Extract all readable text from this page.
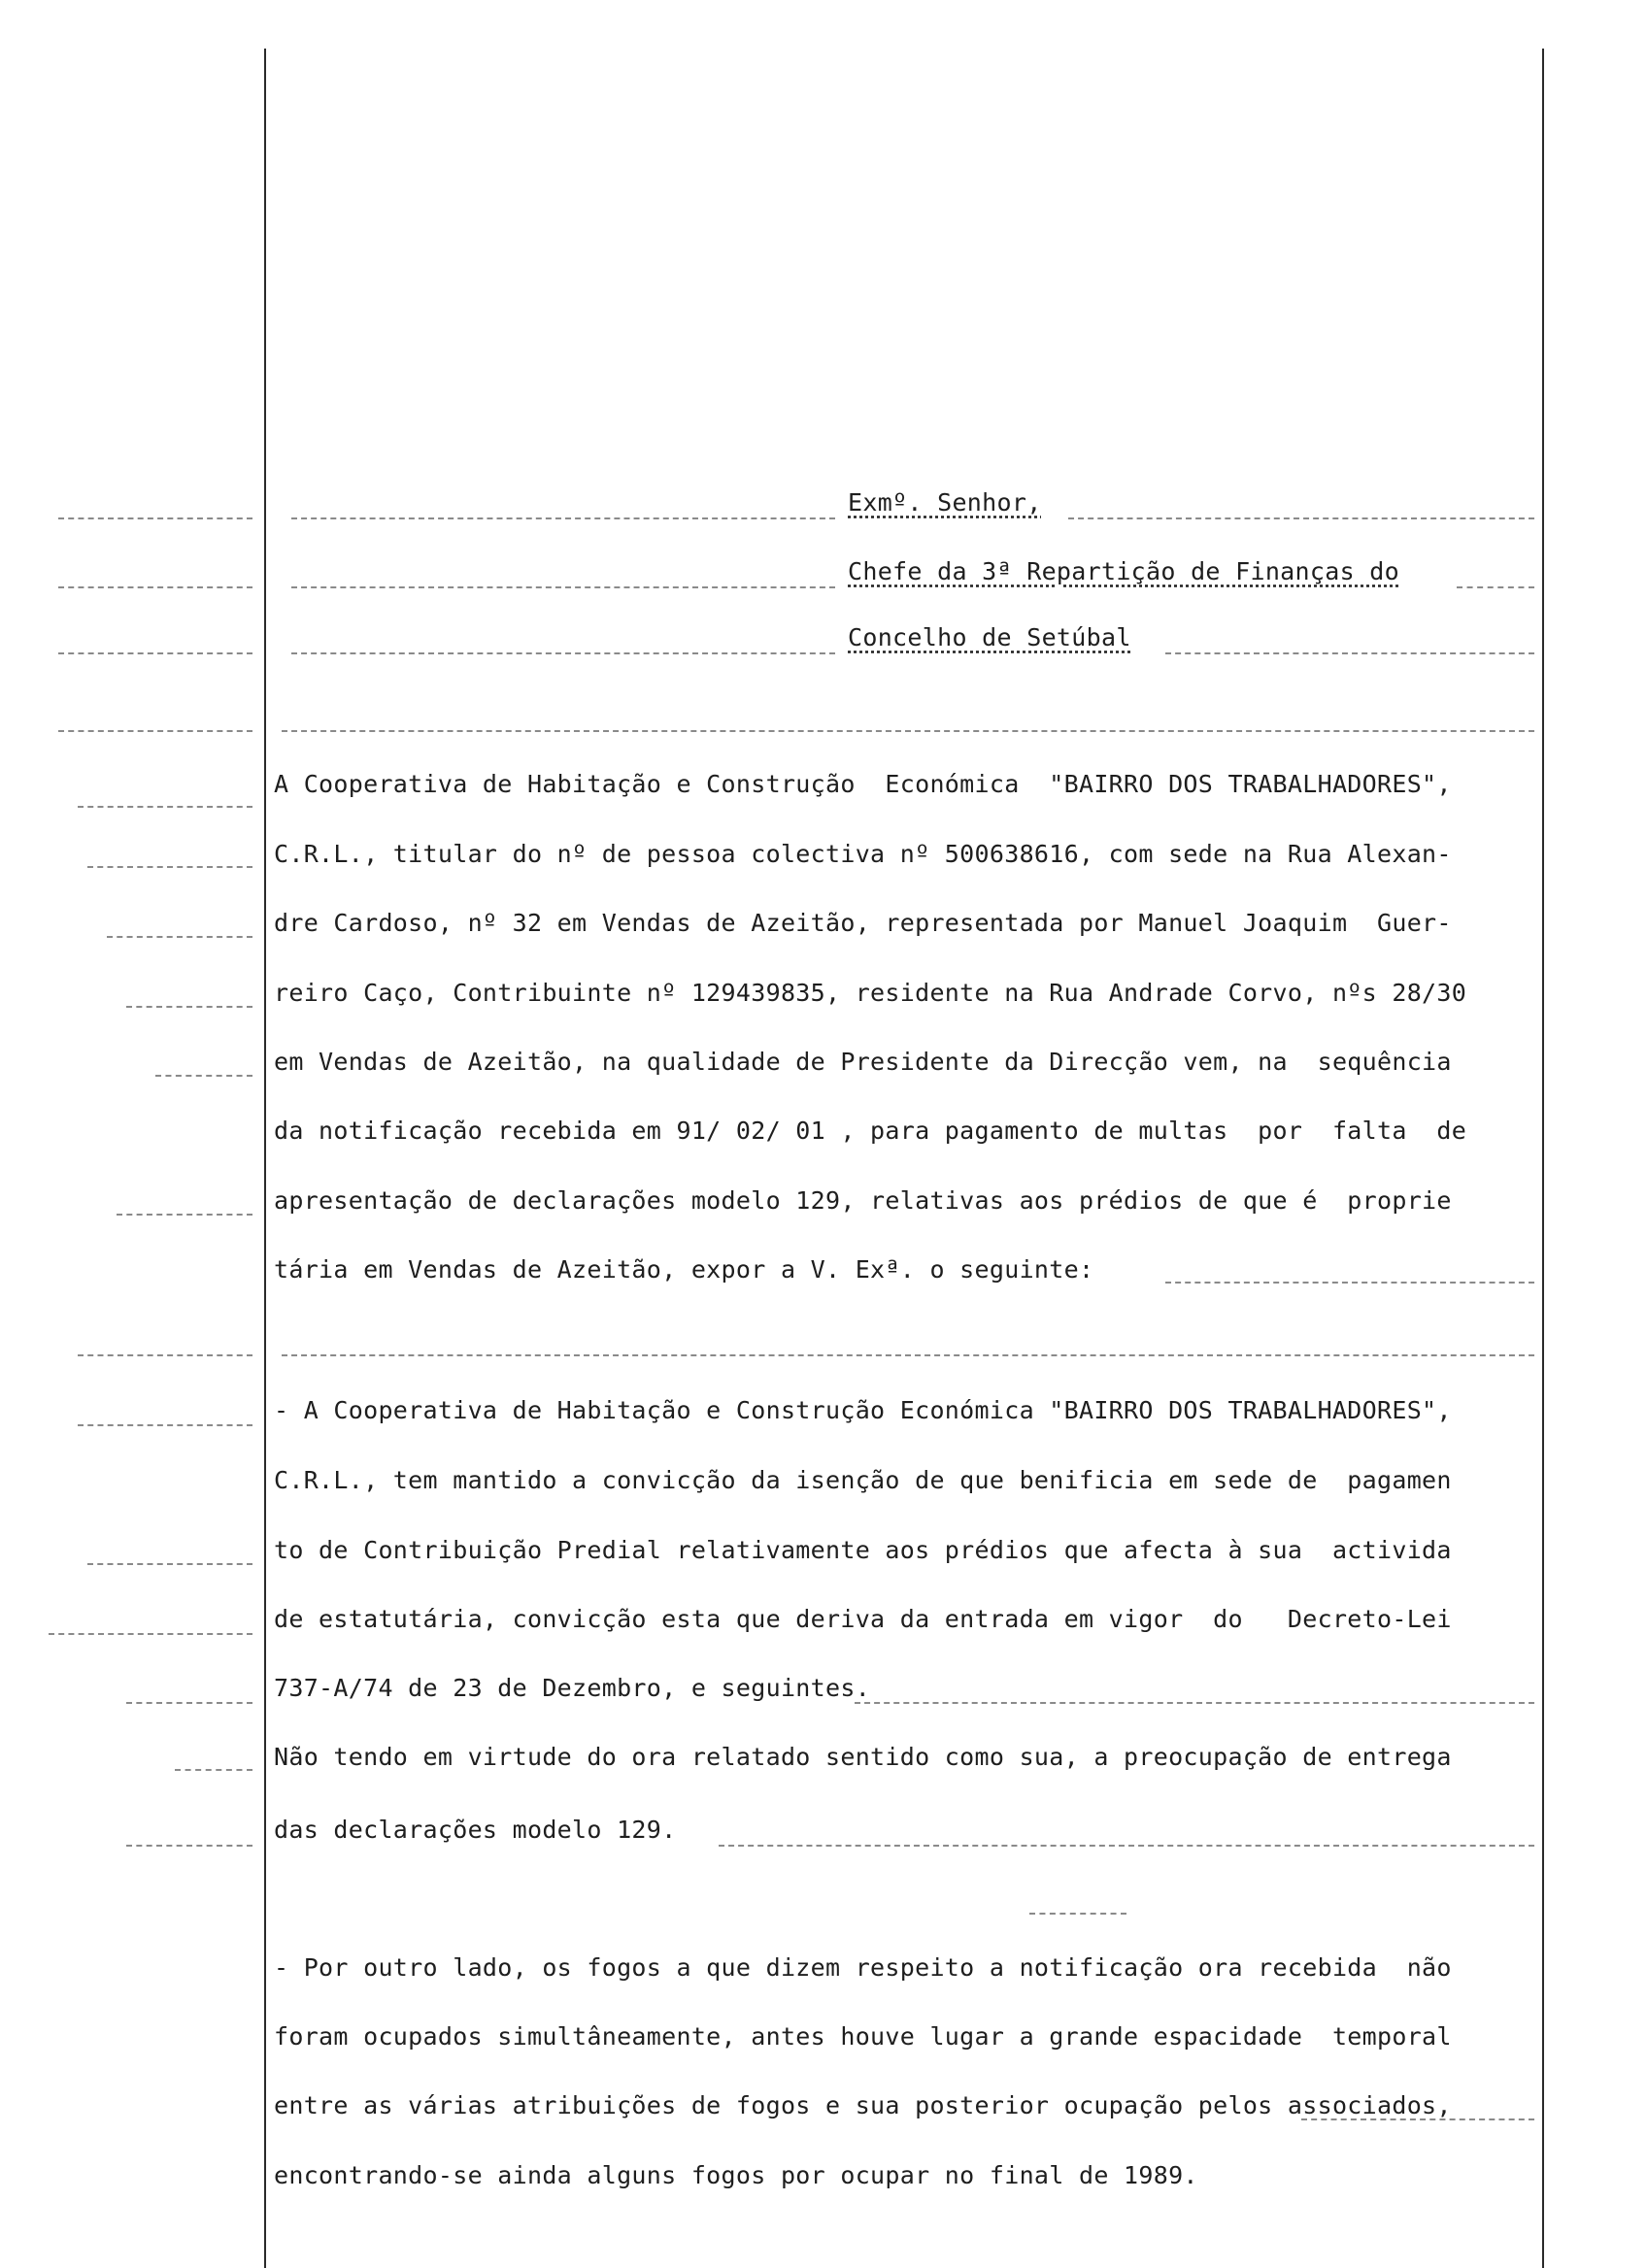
Exmº. Senhor,
Chefe da 3ª Repartição de Finanças do
Concelho de Setúbal
A Cooperativa de Habitação e Construção  Económica  "BAIRRO DOS TRABALHADORES",
C.R.L., titular do nº de pessoa colectiva nº 500638616, com sede na Rua Alexan-
dre Cardoso, nº 32 em Vendas de Azeitão, representada por Manuel Joaquim  Guer-
reiro Caço, Contribuinte nº 129439835, residente na Rua Andrade Corvo, nºs 28/30
em Vendas de Azeitão, na qualidade de Presidente da Direcção vem, na  sequência
da notificação recebida em 91/ 02/ 01 , para pagamento de multas  por  falta  de
apresentação de declarações modelo 129, relativas aos prédios de que é  proprie
tária em Vendas de Azeitão, expor a V. Exª. o seguinte:
- A Cooperativa de Habitação e Construção Económica "BAIRRO DOS TRABALHADORES",
C.R.L., tem mantido a convicção da isenção de que benificia em sede de  pagamen
to de Contribuição Predial relativamente aos prédios que afecta à sua  activida
de estatutária, convicção esta que deriva da entrada em vigor  do   Decreto-Lei
737-A/74 de 23 de Dezembro, e seguintes.
Não tendo em virtude do ora relatado sentido como sua, a preocupação de entrega
das declarações modelo 129.
- Por outro lado, os fogos a que dizem respeito a notificação ora recebida  não
foram ocupados simultâneamente, antes houve lugar a grande espacidade  temporal
entre as várias atribuições de fogos e sua posterior ocupação pelos associados,
encontrando-se ainda alguns fogos por ocupar no final de 1989.
